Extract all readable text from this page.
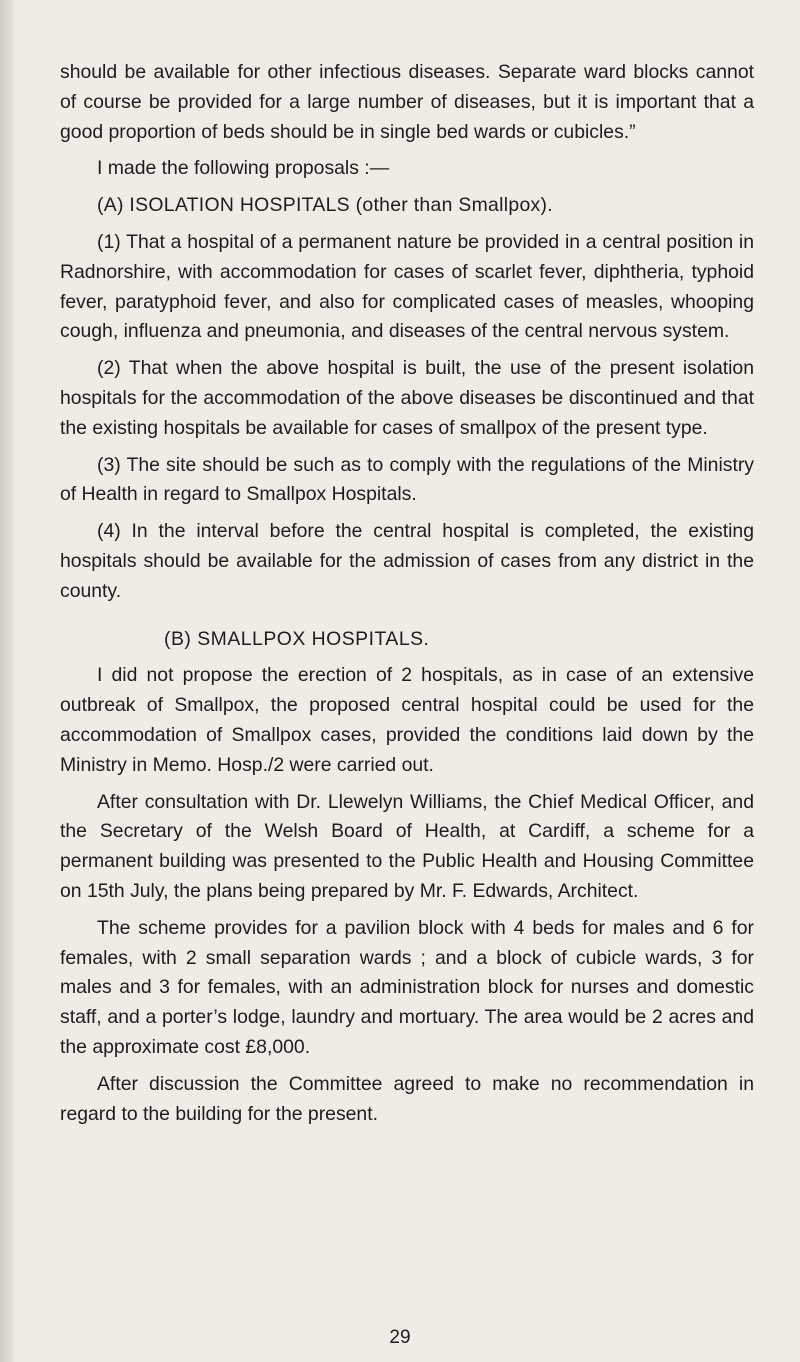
should be available for other infectious diseases. Separate ward blocks cannot of course be provided for a large number of diseases, but it is important that a good proportion of beds should be in single bed wards or cubicles.”

I made the following proposals :—

(A) ISOLATION HOSPITALS (other than Smallpox).

(1) That a hospital of a permanent nature be provided in a central position in Radnorshire, with accommodation for cases of scarlet fever, diphtheria, typhoid fever, paratyphoid fever, and also for complicated cases of measles, whooping cough, influenza and pneumonia, and diseases of the central nervous system.

(2) That when the above hospital is built, the use of the present isolation hospitals for the accommodation of the above diseases be discontinued and that the existing hospitals be available for cases of smallpox of the present type.

(3) The site should be such as to comply with the regulations of the Ministry of Health in regard to Smallpox Hospitals.

(4) In the interval before the central hospital is completed, the existing hospitals should be available for the admission of cases from any district in the county.

(B) SMALLPOX HOSPITALS.

I did not propose the erection of 2 hospitals, as in case of an extensive outbreak of Smallpox, the proposed central hospital could be used for the accommodation of Smallpox cases, provided the conditions laid down by the Ministry in Memo. Hosp./2 were carried out.

After consultation with Dr. Llewelyn Williams, the Chief Medical Officer, and the Secretary of the Welsh Board of Health, at Cardiff, a scheme for a permanent building was presented to the Public Health and Housing Committee on 15th July, the plans being prepared by Mr. F. Edwards, Architect.

The scheme provides for a pavilion block with 4 beds for males and 6 for females, with 2 small separation wards ; and a block of cubicle wards, 3 for males and 3 for females, with an administration block for nurses and domestic staff, and a porter’s lodge, laundry and mortuary. The area would be 2 acres and the approximate cost £8,000.

After discussion the Committee agreed to make no recommendation in regard to the building for the present.

29
